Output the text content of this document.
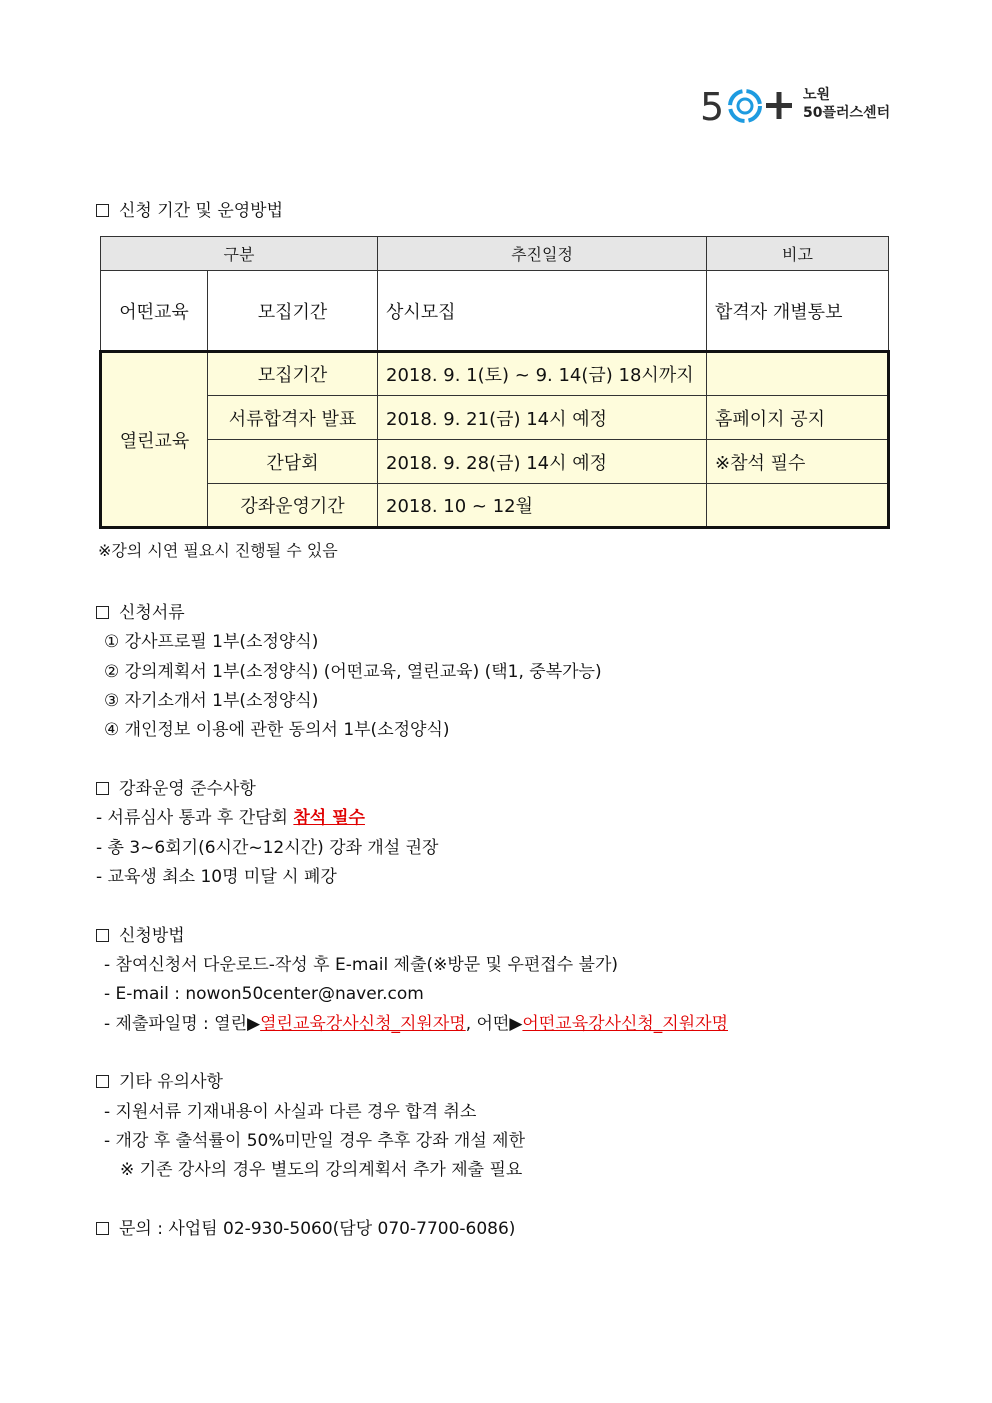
5	노원
50플러스센터
신청 기간 및 운영방법
구분		추진일정	비고
어떤교육	모집기간	상시모집	합격자 개별통보
열린교육	모집기간	2018. 9. 1(토) ~ 9. 14(금) 18시까지	
	서류합격자 발표	2018. 9. 21(금) 14시 예정	홈페이지 공지
	간담회	2018. 9. 28(금) 14시 예정	※참석 필수
	강좌운영기간	2018. 10 ~ 12월	
※강의 시연 필요시 진행될 수 있음
신청서류
① 강사프로필 1부(소정양식)
② 강의계획서 1부(소정양식) (어떤교육, 열린교육) (택1, 중복가능)
③ 자기소개서 1부(소정양식)
④ 개인정보 이용에 관한 동의서 1부(소정양식)
강좌운영 준수사항
- 서류심사 통과 후 간담회 참석 필수
- 총 3~6회기(6시간~12시간) 강좌 개설 권장
- 교육생 최소 10명 미달 시 폐강
신청방법
- 참여신청서 다운로드-작성 후 E-mail 제출(※방문 및 우편접수 불가)
- E-mail : nowon50center@naver.com
- 제출파일명 : 열린▶열린교육강사신청_지원자명, 어떤▶어떤교육강사신청_지원자명
기타 유의사항
- 지원서류 기재내용이 사실과 다른 경우 합격 취소
- 개강 후 출석률이 50%미만일 경우 추후 강좌 개설 제한
※ 기존 강사의 경우 별도의 강의계획서 추가 제출 필요
문의 : 사업팀 02-930-5060(담당 070-7700-6086)
